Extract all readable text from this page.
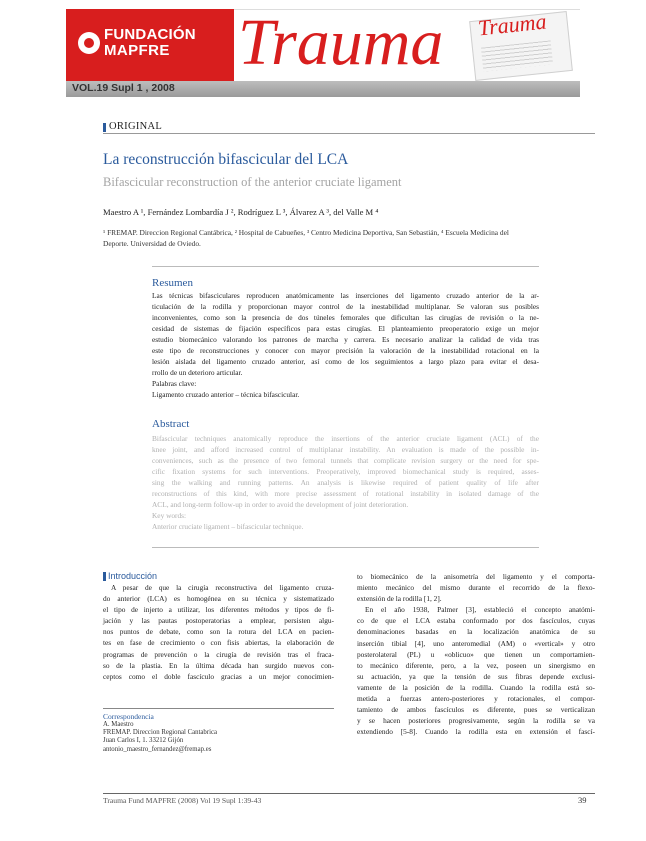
FUNDACIÓN
MAPFRE Trauma Trauma
VOL.19 Supl 1 , 2008
ORIGINAL
La reconstrucción bifascicular del LCA
Bifascicular reconstruction of the anterior cruciate ligament
Maestro A ¹, Fernández Lombardía J ², Rodríguez L ³, Álvarez A ³, del Valle M ⁴
¹ FREMAP. Direccion Regional Cantábrica, ² Hospital de Cabueñes, ³ Centro Medicina Deportiva, San Sebastián, ⁴ Escuela Medicina del
Deporte. Universidad de Oviedo.
Resumen
Las técnicas bifasciculares reproducen anatómicamente las inserciones del ligamento cruzado anterior de la ar-
ticulación de la rodilla y proporcionan mayor control de la inestabilidad multiplanar. Se valoran sus posibles
inconvenientes, como son la presencia de dos túneles femorales que dificultan las cirugías de revisión o la ne-
cesidad de sistemas de fijación específicos para estas cirugías. El planteamiento preoperatorio exige un mejor
estudio biomecánico valorando los patrones de marcha y carrera. Es necesario analizar la calidad de vida tras
este tipo de reconstrucciones y conocer con mayor precisión la valoración de la inestabilidad rotacional en la
lesión aislada del ligamento cruzado anterior, así como de los seguimientos a largo plazo para evitar el desa-
rrollo de un deterioro articular.
Palabras clave:
Ligamento cruzado anterior – técnica bifascicular.
Abstract
Bifascicular techniques anatomically reproduce the insertions of the anterior cruciate ligament (ACL) of the
knee joint, and afford increased control of multiplanar instability. An evaluation is made of the possible in-
conveniences, such as the presence of two femoral tunnels that complicate revision surgery or the need for spe-
cific fixation systems for such interventions. Preoperatively, improved biomechanical study is required, asses-
sing the walking and running patterns. An analysis is likewise required of patient quality of life after
reconstructions of this kind, with more precise assessment of rotational instability in isolated damage of the
ACL, and long-term follow-up in order to avoid the development of joint deterioration.
Key words:
Anterior cruciate ligament – bifascicular technique.
Introducción
A pesar de que la cirugía reconstructiva del ligamento cruza-
do anterior (LCA) es homogénea en su técnica y sistematizado
el tipo de injerto a utilizar, los diferentes métodos y tipos de fi-
jación y las pautas postoperatorias a emplear, persisten algu-
nos puntos de debate, como son la rotura del LCA en pacien-
tes en fase de crecimiento o con fisis abiertas, la elaboración de
programas de prevención o la cirugía de revisión tras el fraca-
so de la plastia. En la última década han surgido nuevos con-
ceptos como el doble fascículo gracias a un mejor conocimien-
to biomecánico de la anisometría del ligamento y el comporta-
miento mecánico del mismo durante el recorrido de la flexo-
extensión de la rodilla [1, 2].
En el año 1938, Palmer [3], estableció el concepto anatómi-
co de que el LCA estaba conformado por dos fascículos, cuyas
denominaciones basadas en la localización anatómica de su
inserción tibial [4], uno anteromedial (AM) o «vertical» y otro
posterolateral (PL) u «oblicuo» que tienen un comportamien-
to mecánico diferente, pero, a la vez, poseen un sinergismo en
su actuación, ya que la tensión de sus fibras depende exclusi-
vamente de la posición de la rodilla. Cuando la rodilla está so-
metida a fuerzas antero-posteriores y rotacionales, el compor-
tamiento de ambos fascículos es diferente, pues se verticalizan
y se hacen posteriores progresivamente, según la rodilla se va
extendiendo [5-8]. Cuando la rodilla esta en extensión el fascí-
Correspondencia
A. Maestro
FREMAP. Direccion Regional Cantabrica
Juan Carlos I, 1. 33212 Gijón
antonio_maestro_fernandez@fremap.es
Trauma Fund MAPFRE (2008) Vol 19 Supl 1:39-43	39
